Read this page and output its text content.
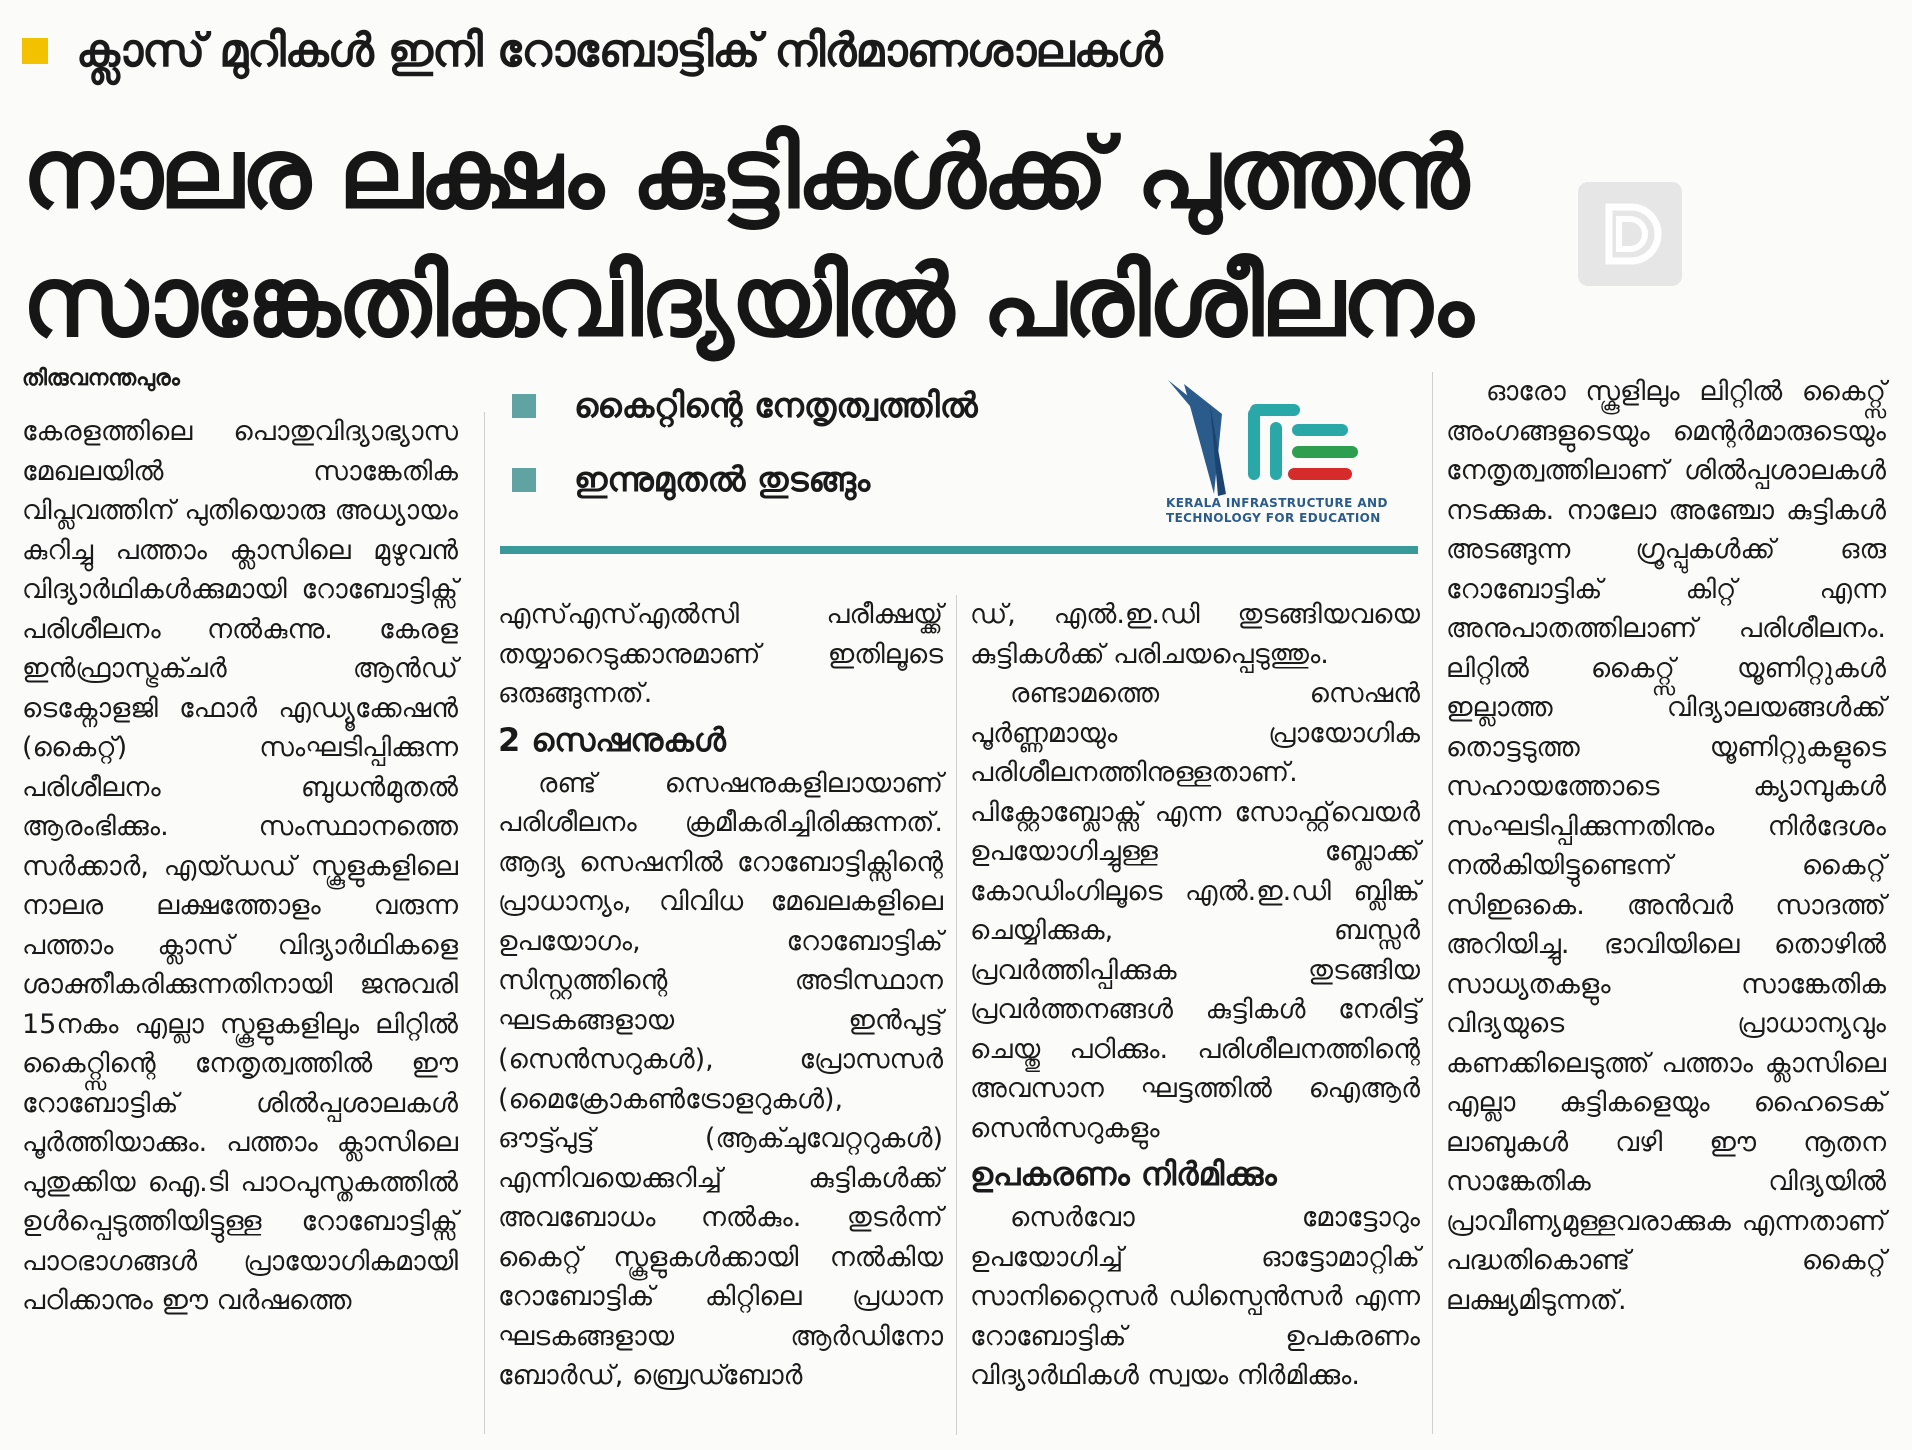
ക്ലാസ് മുറികൾ ഇനി റോബോട്ടിക് നിർമാണശാലകൾ
നാലര ലക്ഷം കുട്ടികൾക്ക് പുത്തൻ
സാങ്കേതികവിദ്യയിൽ പരിശീലനം
തിരുവനന്തപുരം
കൈറ്റിന്റെ നേതൃത്വത്തിൽ
ഇന്നുമുതൽ തുടങ്ങും
KERALA INFRASTRUCTURE AND
TECHNOLOGY FOR EDUCATION

കേരളത്തിലെ പൊതുവിദ്യാഭ്യാസ മേഖലയിൽ സാങ്കേതിക വിപ്ലവത്തിന് പുതിയൊരു അധ്യായം കുറിച്ചു പത്താം ക്ലാസിലെ മുഴുവൻ വിദ്യാർഥികൾക്കുമായി റോബോട്ടിക്സ് പരിശീലനം നൽകുന്നു. കേരള ഇൻഫ്രാസ്ട്രക്ചർ ആൻഡ് ടെക്നോളജി ഫോർ എഡ്യൂക്കേഷൻ (കൈറ്റ്) സംഘടിപ്പിക്കുന്ന പരിശീലനം ബുധൻമുതൽ ആരംഭിക്കും. സംസ്ഥാനത്തെ സർക്കാർ, എയ്ഡഡ് സ്കൂളുകളിലെ നാലര ലക്ഷത്തോളം വരുന്ന പത്താം ക്ലാസ് വിദ്യാർഥികളെ ശാക്തീകരിക്കുന്നതിനായി ജനുവരി 15നകം എല്ലാ സ്കൂളുകളിലും ലിറ്റിൽ കൈറ്റ്സിന്റെ നേതൃത്വത്തിൽ ഈ റോബോട്ടിക് ശിൽപ്പശാലകൾ പൂർത്തിയാക്കും. പത്താം ക്ലാസിലെ പുതുക്കിയ ഐ.ടി പാഠപുസ്തകത്തിൽ ഉൾപ്പെടുത്തിയിട്ടുള്ള റോബോട്ടിക്സ് പാഠഭാഗങ്ങൾ പ്രായോഗികമായി പഠിക്കാനും ഈ വർഷത്തെ

എസ്എസ്എൽസി പരീക്ഷയ്ക്ക് തയ്യാറെടുക്കാനുമാണ് ഇതിലൂടെ ഒരുങ്ങുന്നത്.

2 സെഷനുകൾ

രണ്ട് സെഷനുകളിലായാണ് പരിശീലനം ക്രമീകരിച്ചിരിക്കുന്നത്. ആദ്യ സെഷനിൽ റോബോട്ടിക്സിന്റെ പ്രാധാന്യം, വിവിധ മേഖലകളിലെ ഉപയോഗം, റോബോട്ടിക് സിസ്റ്റത്തിന്റെ അടിസ്ഥാന ഘടകങ്ങളായ ഇൻപുട്ട് (സെൻസറുകൾ), പ്രോസസർ (മൈക്രോകൺട്രോളറുകൾ), ഔട്ട്പുട്ട് (ആക്ചുവേറ്ററുകൾ) എന്നിവയെക്കുറിച്ച് കുട്ടികൾക്ക് അവബോധം നൽകും. തുടർന്ന് കൈറ്റ് സ്കൂളുകൾക്കായി നൽകിയ റോബോട്ടിക് കിറ്റിലെ പ്രധാന ഘടകങ്ങളായ ആർഡിനോ ബോർഡ്, ബ്രെഡ്ബോർ

ഡ്, എൽ.ഇ.ഡി തുടങ്ങിയവയെ കുട്ടികൾക്ക് പരിചയപ്പെടുത്തും.

രണ്ടാമത്തെ സെഷൻ പൂർണ്ണമായും പ്രായോഗിക പരിശീലനത്തിനുള്ളതാണ്. പിക്റ്റോബ്ലോക്സ് എന്ന സോഫ്റ്റ്‌വെയർ ഉപയോഗിച്ചുള്ള ബ്ലോക്ക് കോഡിംഗിലൂടെ എൽ.ഇ.ഡി ബ്ലിങ്ക് ചെയ്യിക്കുക, ബസ്സർ പ്രവർത്തിപ്പിക്കുക തുടങ്ങിയ പ്രവർത്തനങ്ങൾ കുട്ടികൾ നേരിട്ട് ചെയ്തു പഠിക്കും. പരിശീലനത്തിന്റെ അവസാന ഘട്ടത്തിൽ ഐആർ സെൻസറുകളും

ഉപകരണം നിർമിക്കും

സെർവോ മോട്ടോറും ഉപയോഗിച്ച് ഓട്ടോമാറ്റിക് സാനിറ്റൈസർ ഡിസ്പെൻസർ എന്ന റോബോട്ടിക് ഉപകരണം വിദ്യാർഥികൾ സ്വയം നിർമിക്കും.

ഓരോ സ്കൂളിലും ലിറ്റിൽ കൈറ്റ്സ് അംഗങ്ങളുടെയും മെന്റർമാരുടെയും നേതൃത്വത്തിലാണ് ശിൽപ്പശാലകൾ നടക്കുക. നാലോ അഞ്ചോ കുട്ടികൾ അടങ്ങുന്ന ഗ്രൂപ്പുകൾക്ക് ഒരു റോബോട്ടിക് കിറ്റ് എന്ന അനുപാതത്തിലാണ് പരിശീലനം. ലിറ്റിൽ കൈറ്റ്സ് യൂണിറ്റുകൾ ഇല്ലാത്ത വിദ്യാലയങ്ങൾക്ക് തൊട്ടടുത്ത യൂണിറ്റുകളുടെ സഹായത്തോടെ ക്യാമ്പുകൾ സംഘടിപ്പിക്കുന്നതിനും നിർദേശം നൽകിയിട്ടുണ്ടെന്ന് കൈറ്റ് സിഇഒകെ. അൻവർ സാദത്ത് അറിയിച്ചു. ഭാവിയിലെ തൊഴിൽ സാധ്യതകളും സാങ്കേതിക വിദ്യയുടെ പ്രാധാന്യവും കണക്കിലെടുത്ത് പത്താം ക്ലാസിലെ എല്ലാ കുട്ടികളെയും ഹൈടെക് ലാബുകൾ വഴി ഈ നൂതന സാങ്കേതിക വിദ്യയിൽ പ്രാവീണ്യമുള്ളവരാക്കുക എന്നതാണ് പദ്ധതികൊണ്ട് കൈറ്റ് ലക്ഷ്യമിടുന്നത്.
